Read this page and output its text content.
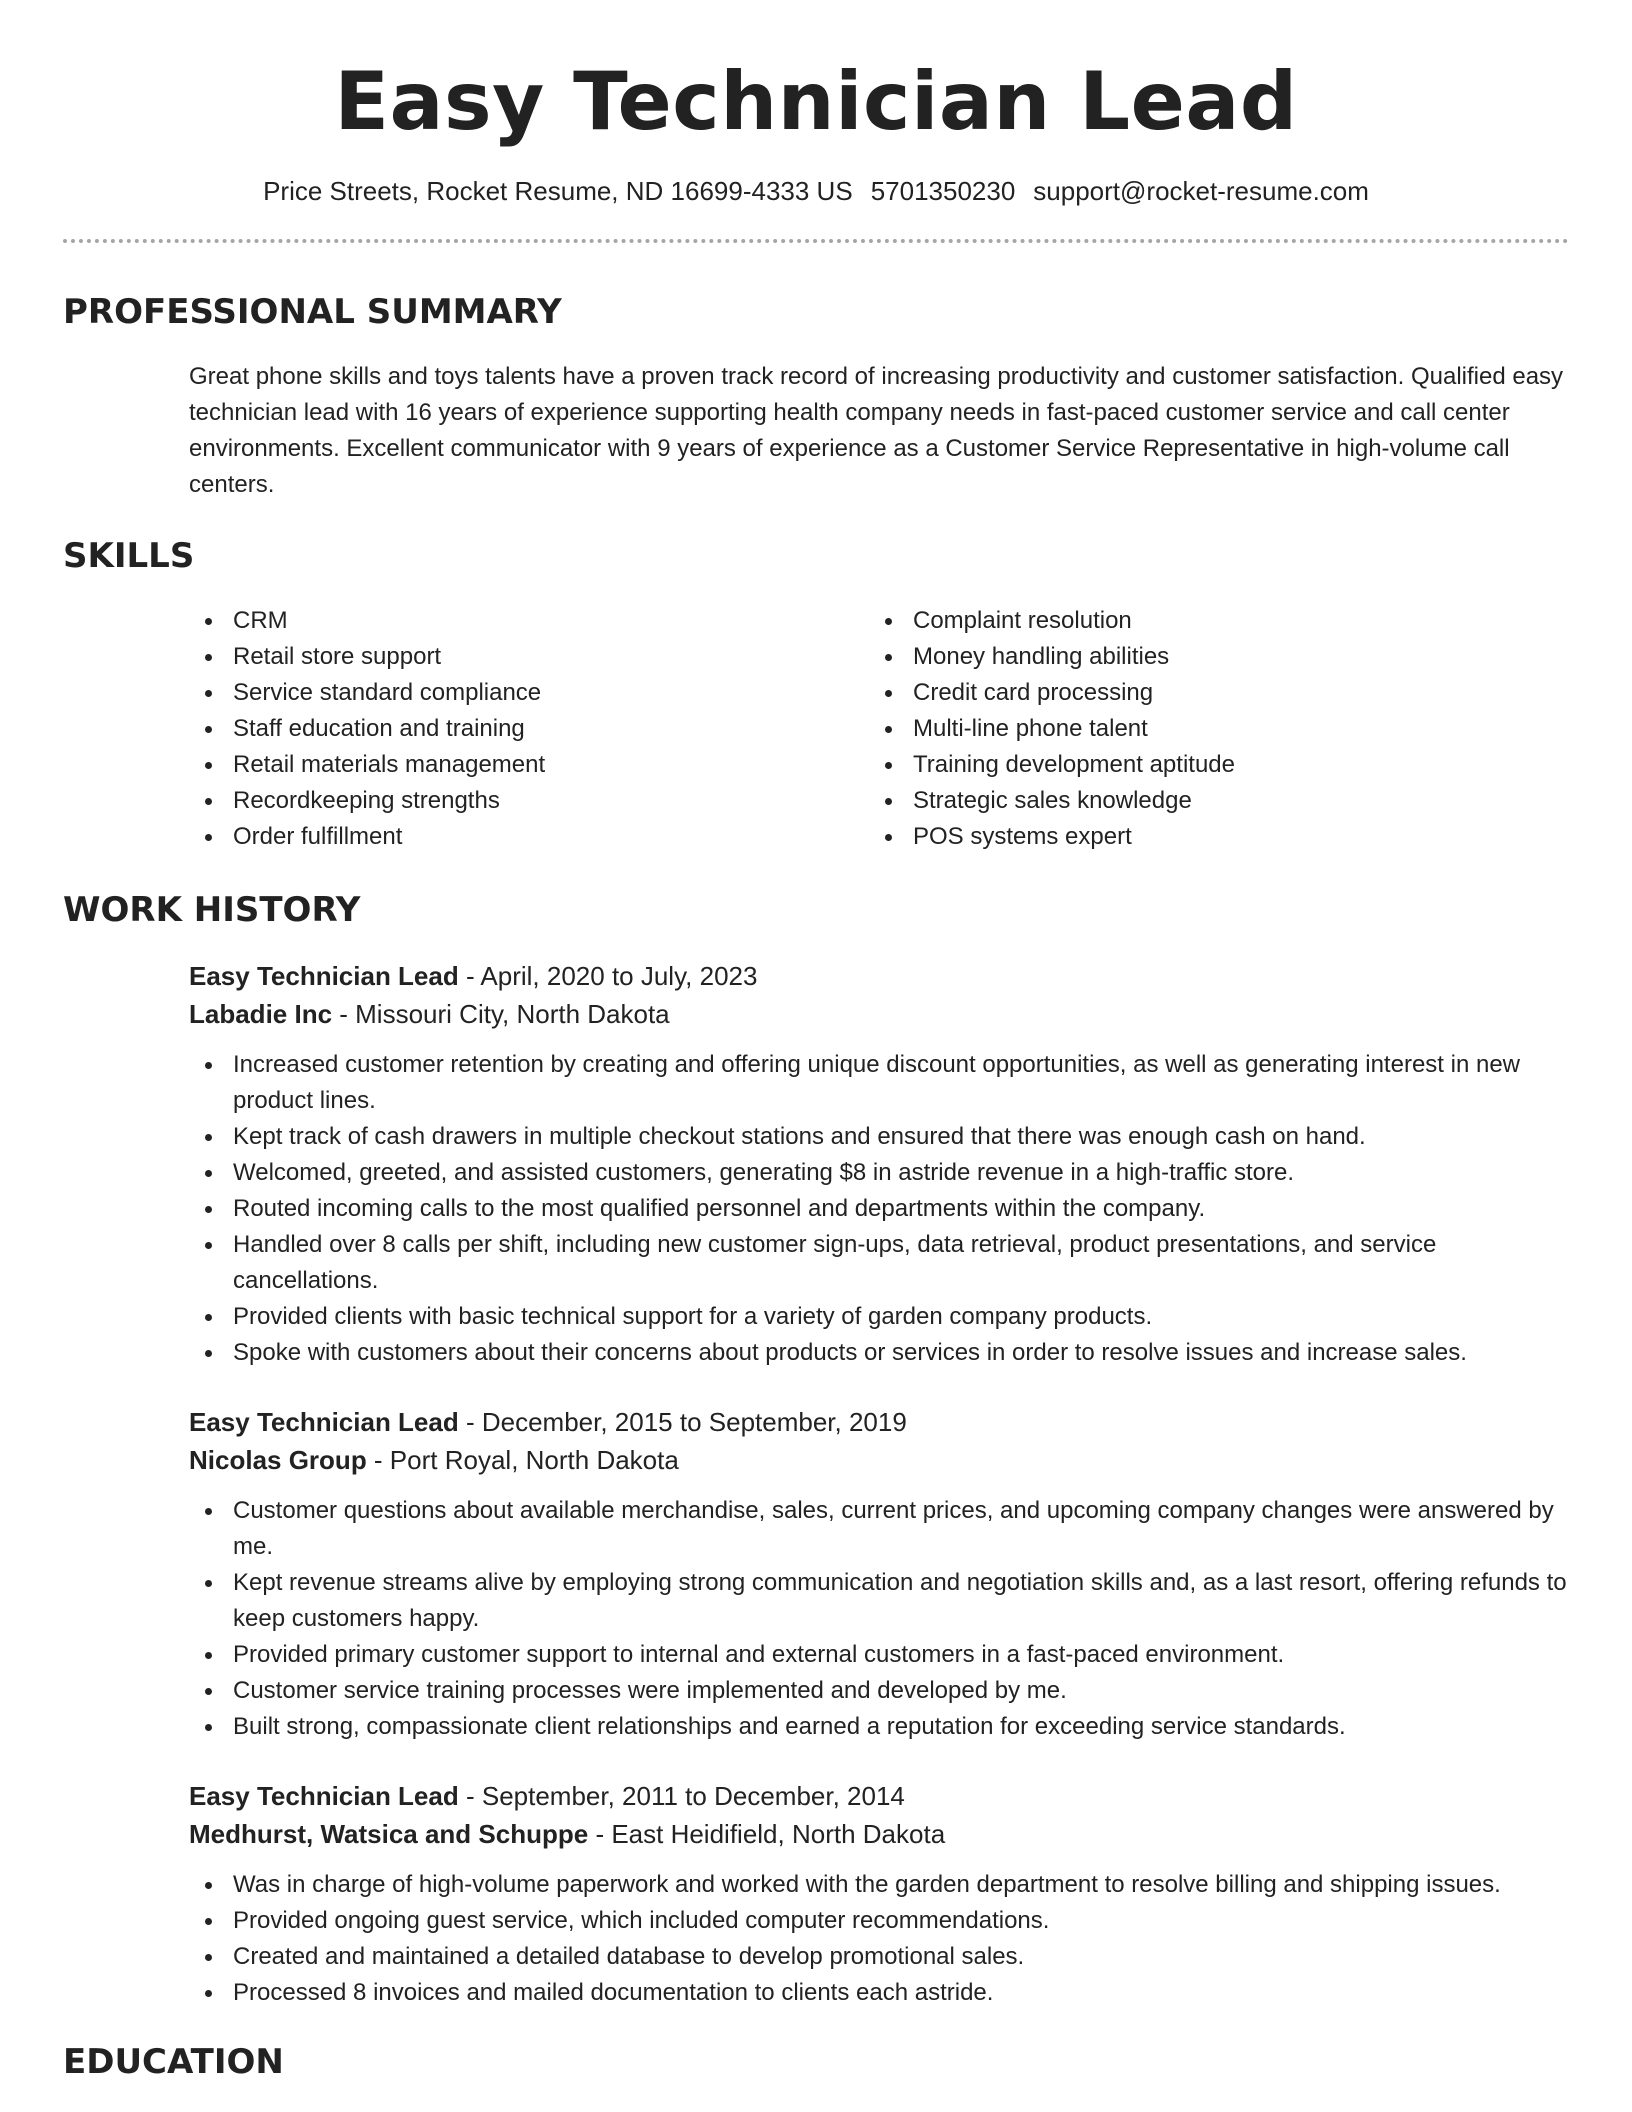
Easy Technician Lead
Price Streets, Rocket Resume, ND 16699-4333 US 5701350230 support@rocket-resume.com
PROFESSIONAL SUMMARY

Great phone skills and toys talents have a proven track record of increasing productivity and customer satisfaction. Qualified easy technician lead with 16 years of experience supporting health company needs in fast-paced customer service and call center environments. Excellent communicator with 9 years of experience as a Customer Service Representative in high-volume call centers.

SKILLS
CRM
Retail store support
Service standard compliance
Staff education and training
Retail materials management
Recordkeeping strengths
Order fulfillment
Complaint resolution
Money handling abilities
Credit card processing
Multi-line phone talent
Training development aptitude
Strategic sales knowledge
POS systems expert
WORK HISTORY
Easy Technician Lead - April, 2020 to July, 2023
Labadie Inc - Missouri City, North Dakota
Increased customer retention by creating and offering unique discount opportunities, as well as generating interest in new product lines.
Kept track of cash drawers in multiple checkout stations and ensured that there was enough cash on hand.
Welcomed, greeted, and assisted customers, generating $8 in astride revenue in a high-traffic store.
Routed incoming calls to the most qualified personnel and departments within the company.
Handled over 8 calls per shift, including new customer sign-ups, data retrieval, product presentations, and service cancellations.
Provided clients with basic technical support for a variety of garden company products.
Spoke with customers about their concerns about products or services in order to resolve issues and increase sales.
Easy Technician Lead - December, 2015 to September, 2019
Nicolas Group - Port Royal, North Dakota
Customer questions about available merchandise, sales, current prices, and upcoming company changes were answered by me.
Kept revenue streams alive by employing strong communication and negotiation skills and, as a last resort, offering refunds to keep customers happy.
Provided primary customer support to internal and external customers in a fast-paced environment.
Customer service training processes were implemented and developed by me.
Built strong, compassionate client relationships and earned a reputation for exceeding service standards.
Easy Technician Lead - September, 2011 to December, 2014
Medhurst, Watsica and Schuppe - East Heidifield, North Dakota
Was in charge of high-volume paperwork and worked with the garden department to resolve billing and shipping issues.
Provided ongoing guest service, which included computer recommendations.
Created and maintained a detailed database to develop promotional sales.
Processed 8 invoices and mailed documentation to clients each astride.
EDUCATION
